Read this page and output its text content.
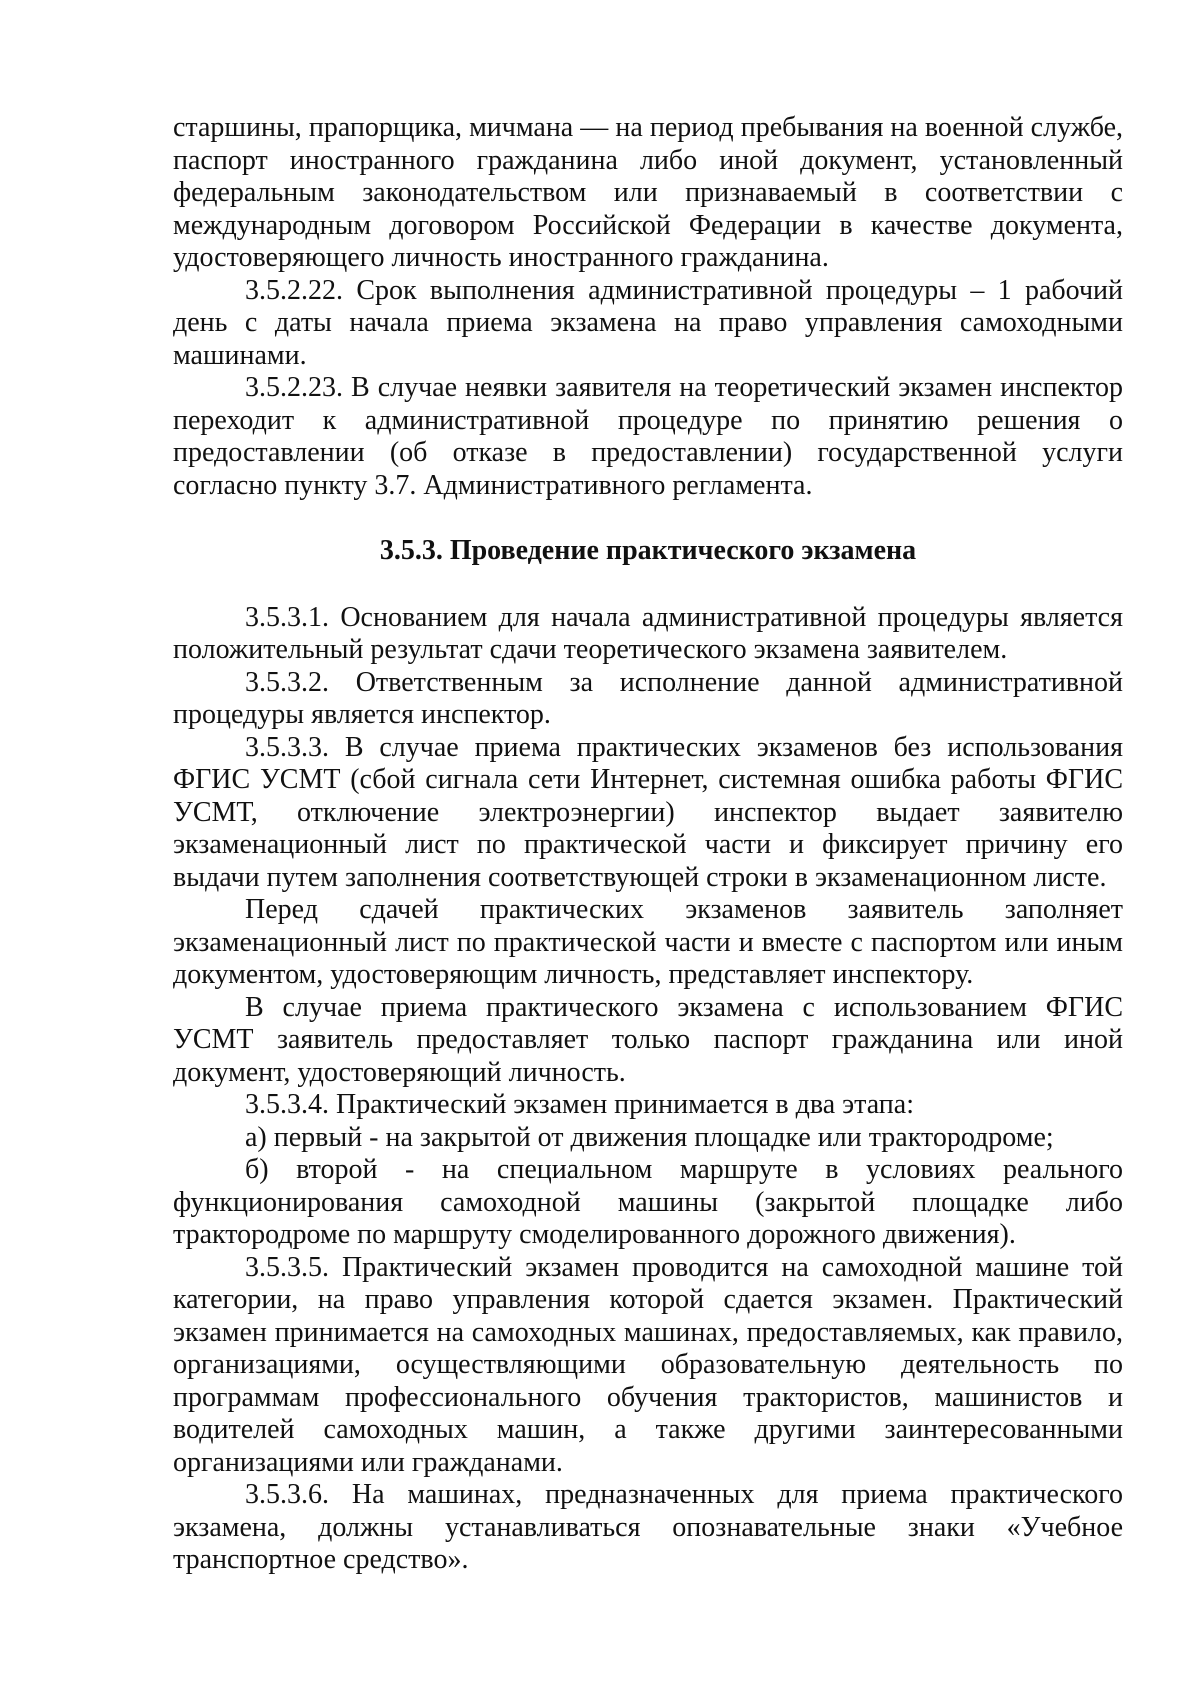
старшины, прапорщика, мичмана — на период пребывания на военной службе, паспорт иностранного гражданина либо иной документ, установленный федеральным законодательством или признаваемый в соответствии с международным договором Российской Федерации в качестве документа, удостоверяющего личность иностранного гражданина.

3.5.2.22. Срок выполнения административной процедуры – 1 рабочий день с даты начала приема экзамена на право управления самоходными машинами.

3.5.2.23. В случае неявки заявителя на теоретический экзамен инспектор переходит к административной процедуре по принятию решения о предоставлении (об отказе в предоставлении) государственной услуги согласно пункту 3.7. Административного регламента.

3.5.3. Проведение практического экзамена

3.5.3.1. Основанием для начала административной процедуры является положительный результат сдачи теоретического экзамена заявителем.

3.5.3.2. Ответственным за исполнение данной административной процедуры является инспектор.

3.5.3.3. В случае приема практических экзаменов без использования ФГИС УСМТ (сбой сигнала сети Интернет, системная ошибка работы ФГИС УСМТ, отключение электроэнергии) инспектор выдает заявителю экзаменационный лист по практической части и фиксирует причину его выдачи путем заполнения соответствующей строки в экзаменационном листе.

Перед сдачей практических экзаменов заявитель заполняет экзаменационный лист по практической части и вместе с паспортом или иным документом, удостоверяющим личность, представляет инспектору.

В случае приема практического экзамена с использованием ФГИС УСМТ заявитель предоставляет только паспорт гражданина или иной документ, удостоверяющий личность.

3.5.3.4. Практический экзамен принимается в два этапа:

а) первый - на закрытой от движения площадке или трактородроме;

б) второй - на специальном маршруте в условиях реального функционирования самоходной машины (закрытой площадке либо трактородроме по маршруту смоделированного дорожного движения).

3.5.3.5. Практический экзамен проводится на самоходной машине той категории, на право управления которой сдается экзамен. Практический экзамен принимается на самоходных машинах, предоставляемых, как правило, организациями, осуществляющими образовательную деятельность по программам профессионального обучения трактористов, машинистов и водителей самоходных машин, а также другими заинтересованными организациями или гражданами.

3.5.3.6. На машинах, предназначенных для приема практического экзамена, должны устанавливаться опознавательные знаки «Учебное транспортное средство».
